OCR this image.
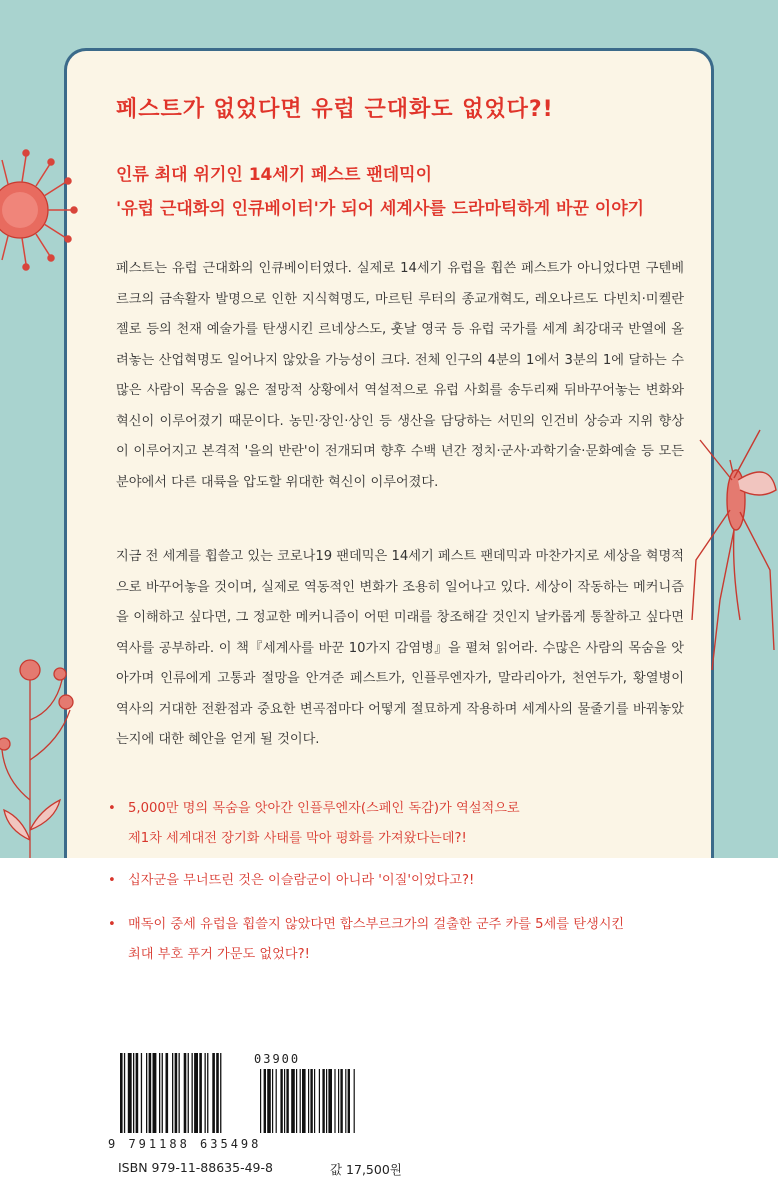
페스트가 없었다면 유럽 근대화도 없었다?!
인류 최대 위기인 14세기 페스트 팬데믹이
'유럽 근대화의 인큐베이터'가 되어 세계사를 드라마틱하게 바꾼 이야기
페스트는 유럽 근대화의 인큐베이터였다. 실제로 14세기 유럽을 휩쓴 페스트가 아니었다면 구텐베르크의 금속활자 발명으로 인한 지식혁명도, 마르틴 루터의 종교개혁도, 레오나르도 다빈치·미켈란젤로 등의 천재 예술가를 탄생시킨 르네상스도, 훗날 영국 등 유럽 국가를 세계 최강대국 반열에 올려놓는 산업혁명도 일어나지 않았을 가능성이 크다. 전체 인구의 4분의 1에서 3분의 1에 달하는 수많은 사람이 목숨을 잃은 절망적 상황에서 역설적으로 유럽 사회를 송두리째 뒤바꾸어놓는 변화와 혁신이 이루어졌기 때문이다. 농민·장인·상인 등 생산을 담당하는 서민의 인건비 상승과 지위 향상이 이루어지고 본격적 '을의 반란'이 전개되며 향후 수백 년간 정치·군사·과학기술·문화예술 등 모든 분야에서 다른 대륙을 압도할 위대한 혁신이 이루어졌다.
지금 전 세계를 휩쓸고 있는 코로나19 팬데믹은 14세기 페스트 팬데믹과 마찬가지로 세상을 혁명적으로 바꾸어놓을 것이며, 실제로 역동적인 변화가 조용히 일어나고 있다. 세상이 작동하는 메커니즘을 이해하고 싶다면, 그 정교한 메커니즘이 어떤 미래를 창조해갈 것인지 날카롭게 통찰하고 싶다면 역사를 공부하라. 이 책『세계사를 바꾼 10가지 감염병』을 펼쳐 읽어라. 수많은 사람의 목숨을 앗아가며 인류에게 고통과 절망을 안겨준 페스트가, 인플루엔자가, 말라리아가, 천연두가, 황열병이 역사의 거대한 전환점과 중요한 변곡점마다 어떻게 절묘하게 작용하며 세계사의 물줄기를 바꿔놓았는지에 대한 혜안을 얻게 될 것이다.
• 5,000만 명의 목숨을 앗아간 인플루엔자(스페인 독감)가 역설적으로
제1차 세계대전 장기화 사태를 막아 평화를 가져왔다는데?!
• 십자군을 무너뜨린 것은 이슬람군이 아니라 '이질'이었다고?!
• 매독이 중세 유럽을 휩쓸지 않았다면 합스부르크가의 걸출한 군주 카를 5세를 탄생시킨
최대 부호 푸거 가문도 없었다?!
03900
9 791188 635498
ISBN 979-11-88635-49-8	값 17,500원
